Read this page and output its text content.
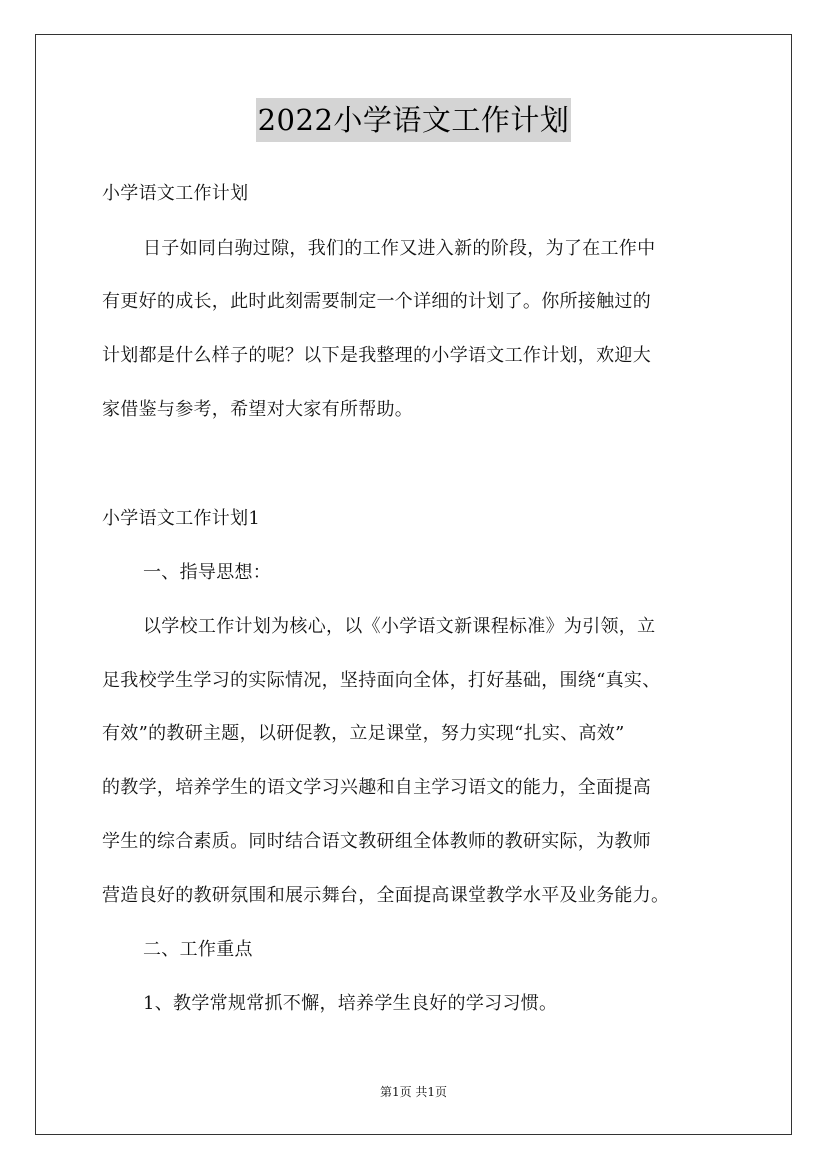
2022小学语文工作计划
小学语文工作计划
日子如同白驹过隙，我们的工作又进入新的阶段，为了在工作中
有更好的成长，此时此刻需要制定一个详细的计划了。你所接触过的
计划都是什么样子的呢？以下是我整理的小学语文工作计划，欢迎大
家借鉴与参考，希望对大家有所帮助。
小学语文工作计划1
一、指导思想：
以学校工作计划为核心，以《小学语文新课程标准》为引领，立
足我校学生学习的实际情况，坚持面向全体，打好基础，围绕“真实、
有效”的教研主题，以研促教，立足课堂，努力实现“扎实、高效”
的教学，培养学生的语文学习兴趣和自主学习语文的能力，全面提高
学生的综合素质。同时结合语文教研组全体教师的教研实际，为教师
营造良好的教研氛围和展示舞台，全面提高课堂教学水平及业务能力。
二、工作重点
1、教学常规常抓不懈，培养学生良好的学习习惯。
第1页 共1页
